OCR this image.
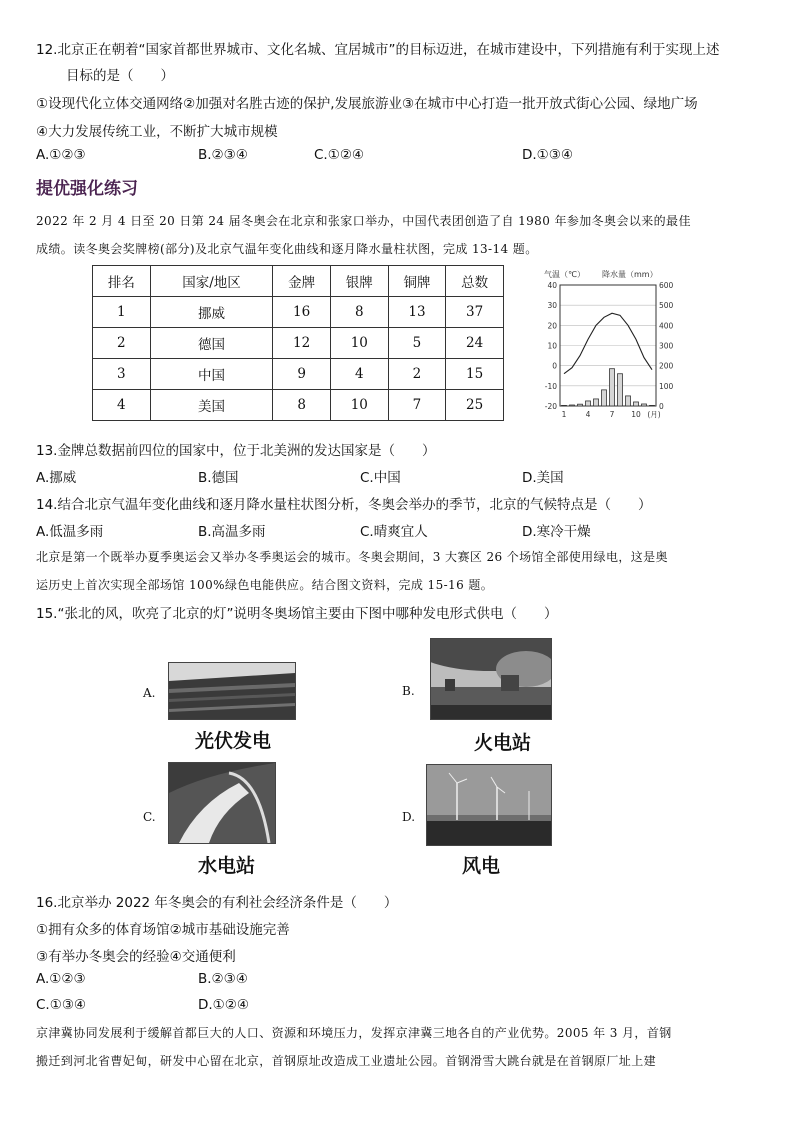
12.北京正在朝着“国家首都世界城市、文化名城、宜居城市”的目标迈进，在城市建设中，下列措施有利于实现上述
目标的是（　　）
①设现代化立体交通网络②加强对名胜古迹的保护,发展旅游业③在城市中心打造一批开放式街心公园、绿地广场
④大力发展传统工业，不断扩大城市规模
A.①②③	B.②③④	C.①②④	D.①③④
提优强化练习
2022 年 2 月 4 日至 20 日第 24 届冬奥会在北京和张家口举办，中国代表团创造了自 1980 年参加冬奥会以来的最佳
成绩。读冬奥会奖牌榜(部分)及北京气温年变化曲线和逐月降水量柱状图，完成 13-14 题。
排名	国家/地区	金牌	银牌	铜牌	总数
1	挪威	16	8	13	37
2	德国	12	10	5	24
3	中国	9	4	2	15
4	美国	8	10	7	25
气温（℃） 降水量（mm）
40
30
20
10
0
-10
-20
600
500
400
300
200
100
0
1	4	7 10 (月)
13.金牌总数据前四位的国家中，位于北美洲的发达国家是（　　）
A.挪威	B.德国	C.中国	D.美国
14.结合北京气温年变化曲线和逐月降水量柱状图分析，冬奥会举办的季节，北京的气候特点是（　　）
A.低温多雨	B.高温多雨	C.晴爽宜人	D.寒冷干燥
北京是第一个既举办夏季奥运会又举办冬季奥运会的城市。冬奥会期间，3 大赛区 26 个场馆全部使用绿电，这是奥
运历史上首次实现全部场馆 100%绿色电能供应。结合图文资料，完成 15-16 题。
15.“张北的风，吹亮了北京的灯”说明冬奥场馆主要由下图中哪种发电形式供电（　　）
A.
光伏发电
B.
火电站
C.
水电站
D.
风电
16.北京举办 2022 年冬奥会的有利社会经济条件是（　　）
①拥有众多的体育场馆②城市基础设施完善
③有举办冬奥会的经验④交通便利
A.①②③	B.②③④
C.①③④	D.①②④
京津冀协同发展利于缓解首都巨大的人口、资源和环境压力，发挥京津冀三地各自的产业优势。2005 年 3 月，首钢
搬迁到河北省曹妃甸，研发中心留在北京，首钢原址改造成工业遗址公园。首钢滑雪大跳台就是在首钢原厂址上建
